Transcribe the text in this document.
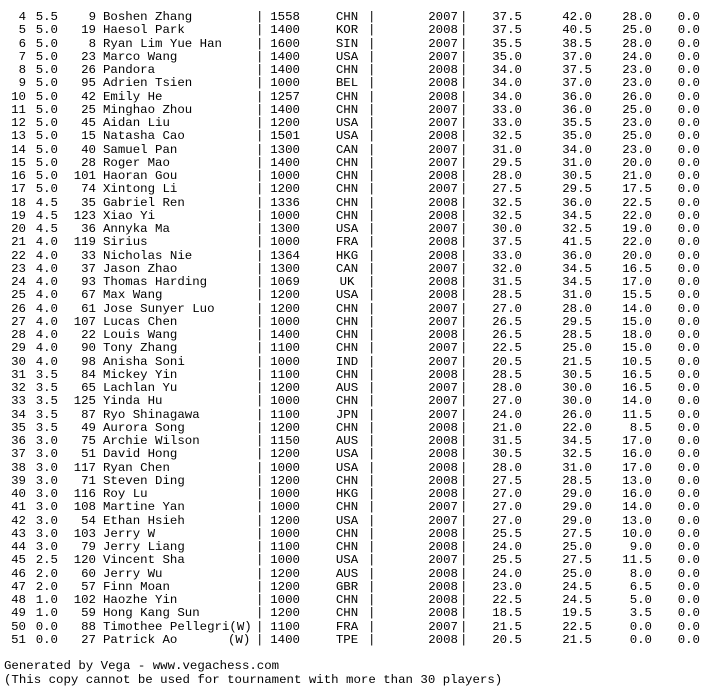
4 5.5	9 Boshen Zhang	1558	CHN	2007	37.5	42.0	28.0	0.0
|	|	|
5 5.0	19 Haesol Park	1400	KOR	2008	37.5	40.5	25.0	0.0
|	|	|
6 5.0	8 Ryan Lim Yue Han	1600	SIN	2007	35.5	38.5	28.0	0.0
|	|	|
7 5.0	23 Marco Wang	1400	USA	2007	35.0	37.0	24.0	0.0
|	|	|
8 5.0	26 Pandora	1400	CHN	2008	34.0	37.5	23.0	0.0
|	|	|
9 5.0	95 Adrien Tsien	1000	BEL	2008	34.0	37.0	23.0	0.0
|	|	|
10 5.0	42 Emily He	1257	CHN	2008	34.0	36.0	26.0	0.0
|	|	|
11 5.0	25 Minghao Zhou	1400	CHN	2007	33.0	36.0	25.0	0.0
|	|	|
12 5.0	45 Aidan Liu	1200	USA	2007	33.0	35.5	23.0	0.0
|	|	|
13 5.0	15 Natasha Cao	1501	USA	2008	32.5	35.0	25.0	0.0
|	|	|
14 5.0	40 Samuel Pan	1300	CAN	2007	31.0	34.0	23.0	0.0
|	|	|
15 5.0	28 Roger Mao	1400	CHN	2007	29.5	31.0	20.0	0.0
|	|	|
16 5.0	101 Haoran Gou	1000	CHN	2008	28.0	30.5	21.0	0.0
|	|	|
17 5.0	74 Xintong Li	1200	CHN	2007	27.5	29.5	17.5	0.0
|	|	|
18 4.5	35 Gabriel Ren	1336	CHN	2008	32.5	36.0	22.5	0.0
|	|	|
19 4.5	123 Xiao Yi	1000	CHN	2008	32.5	34.5	22.0	0.0
|	|	|
20 4.5	36 Annyka Ma	1300	USA	2007	30.0	32.5	19.0	0.0
|	|	|
21 4.0	119 Sirius	1000	FRA	2008	37.5	41.5	22.0	0.0
|	|	|
22 4.0	33 Nicholas Nie	1364	HKG	2008	33.0	36.0	20.0	0.0
|	|	|
23 4.0	37 Jason Zhao	1300	CAN	2007	32.0	34.5	16.5	0.0
|	|	|
24 4.0	93 Thomas Harding	1069	UK	2008	31.5	34.5	17.0	0.0
|	|	|
25 4.0	67 Max Wang	1200	USA	2008	28.5	31.0	15.5	0.0
|	|	|
26 4.0	61 Jose Sunyer Luo	1200	CHN	2007	27.0	28.0	14.0	0.0
|	|	|
27 4.0	107 Lucas Chen	1000	CHN	2007	26.5	29.5	15.0	0.0
|	|	|
28 4.0	22 Louis Wang	1400	CHN	2008	26.5	28.5	18.0	0.0
|	|	|
29 4.0	90 Tony Zhang	1100	CHN	2007	22.5	25.0	15.0	0.0
|	|	|
30 4.0	98 Anisha Soni	1000	IND	2007	20.5	21.5	10.5	0.0
|	|	|
31 3.5	84 Mickey Yin	1100	CHN	2008	28.5	30.5	16.5	0.0
|	|	|
32 3.5	65 Lachlan Yu	1200	AUS	2007	28.0	30.0	16.5	0.0
|	|	|
33 3.5	125 Yinda Hu	1000	CHN	2007	27.0	30.0	14.0	0.0
|	|	|
34 3.5	87 Ryo Shinagawa	1100	JPN	2007	24.0	26.0	11.5	0.0
|	|	|
35 3.5	49 Aurora Song	1200	CHN	2008	21.0	22.0	8.5	0.0
|	|	|
36 3.0	75 Archie Wilson	1150	AUS	2008	31.5	34.5	17.0	0.0
|	|	|
37 3.0	51 David Hong	1200	USA	2008	30.5	32.5	16.0	0.0
|	|	|
38 3.0	117 Ryan Chen	1000	USA	2008	28.0	31.0	17.0	0.0
|	|	|
39 3.0	71 Steven Ding	1200	CHN	2008	27.5	28.5	13.0	0.0
|	|	|
40 3.0	116 Roy Lu	1000	HKG	2008	27.0	29.0	16.0	0.0
|	|	|
41 3.0	108 Martine Yan	1000	CHN	2007	27.0	29.0	14.0	0.0
|	|	|
42 3.0	54 Ethan Hsieh	1200	USA	2007	27.0	29.0	13.0	0.0
|	|	|
43 3.0	103 Jerry W	1000	CHN	2008	25.5	27.5	10.0	0.0
|	|	|
44 3.0	79 Jerry Liang	1100	CHN	2008	24.0	25.0	9.0	0.0
|	|	|
45 2.5	120 Vincent Sha	1000	USA	2007	25.5	27.5	11.5	0.0
|	|	|
46 2.0	60 Jerry Wu	1200	AUS	2008	24.0	25.0	8.0	0.0
|	|	|
47 2.0	57 Finn Moan	1200	GBR	2008	23.0	24.5	6.5	0.0
|	|	|
48 1.0	102 Haozhe Yin	1000	CHN	2008	22.5	24.5	5.0	0.0
|	|	|
49 1.0	59 Hong Kang Sun	1200	CHN	2008	18.5	19.5	3.5	0.0
|	|	|
50 0.0	88 Timothee Pellegri(W) 1100	FRA	2007	21.5	22.5	0.0	0.0
|	|	|
51 0.0	27 Patrick Ao	1400	TPE	2008	20.5	21.5	0.0	0.0
(W) |	|	|
Generated by Vega - www.vegachess.com
(This copy cannot be used for tournament with more than 30 players)
